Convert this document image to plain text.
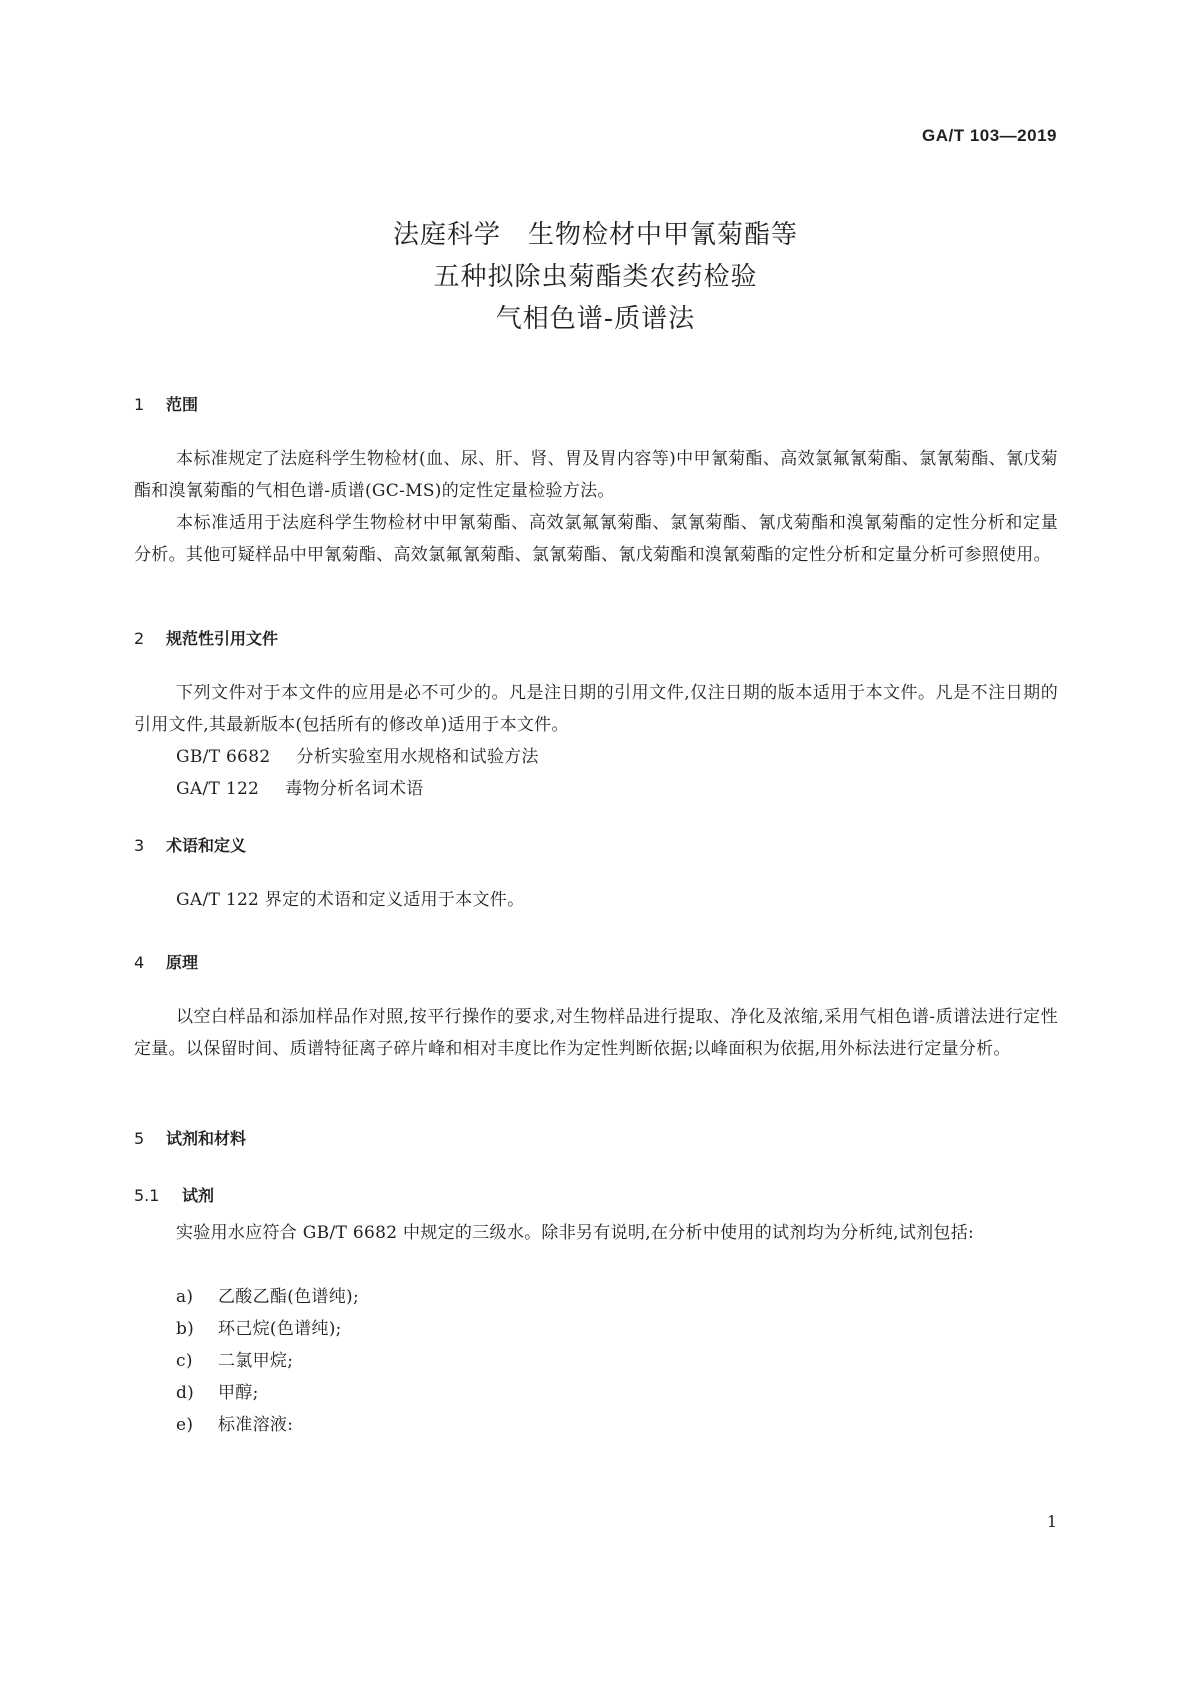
GA/T 103—2019
法庭科学　生物检材中甲氰菊酯等
五种拟除虫菊酯类农药检验
气相色谱-质谱法
1 范围
本标准规定了法庭科学生物检材(血、尿、肝、肾、胃及胃内容等)中甲氰菊酯、高效氯氟氰菊酯、氯氰菊酯、氰戊菊酯和溴氰菊酯的气相色谱-质谱(GC-MS)的定性定量检验方法。
本标准适用于法庭科学生物检材中甲氰菊酯、高效氯氟氰菊酯、氯氰菊酯、氰戊菊酯和溴氰菊酯的定性分析和定量分析。其他可疑样品中甲氰菊酯、高效氯氟氰菊酯、氯氰菊酯、氰戊菊酯和溴氰菊酯的定性分析和定量分析可参照使用。
2 规范性引用文件
下列文件对于本文件的应用是必不可少的。凡是注日期的引用文件,仅注日期的版本适用于本文件。凡是不注日期的引用文件,其最新版本(包括所有的修改单)适用于本文件。
GB/T 6682 分析实验室用水规格和试验方法
GA/T 122 毒物分析名词术语
3 术语和定义
GA/T 122 界定的术语和定义适用于本文件。
4 原理
以空白样品和添加样品作对照,按平行操作的要求,对生物样品进行提取、净化及浓缩,采用气相色谱-质谱法进行定性定量。以保留时间、质谱特征离子碎片峰和相对丰度比作为定性判断依据;以峰面积为依据,用外标法进行定量分析。
5 试剂和材料
5.1 试剂
实验用水应符合 GB/T 6682 中规定的三级水。除非另有说明,在分析中使用的试剂均为分析纯,试剂包括:
a) 乙酸乙酯(色谱纯);
b) 环己烷(色谱纯);
c) 二氯甲烷;
d) 甲醇;
e) 标准溶液:
1
